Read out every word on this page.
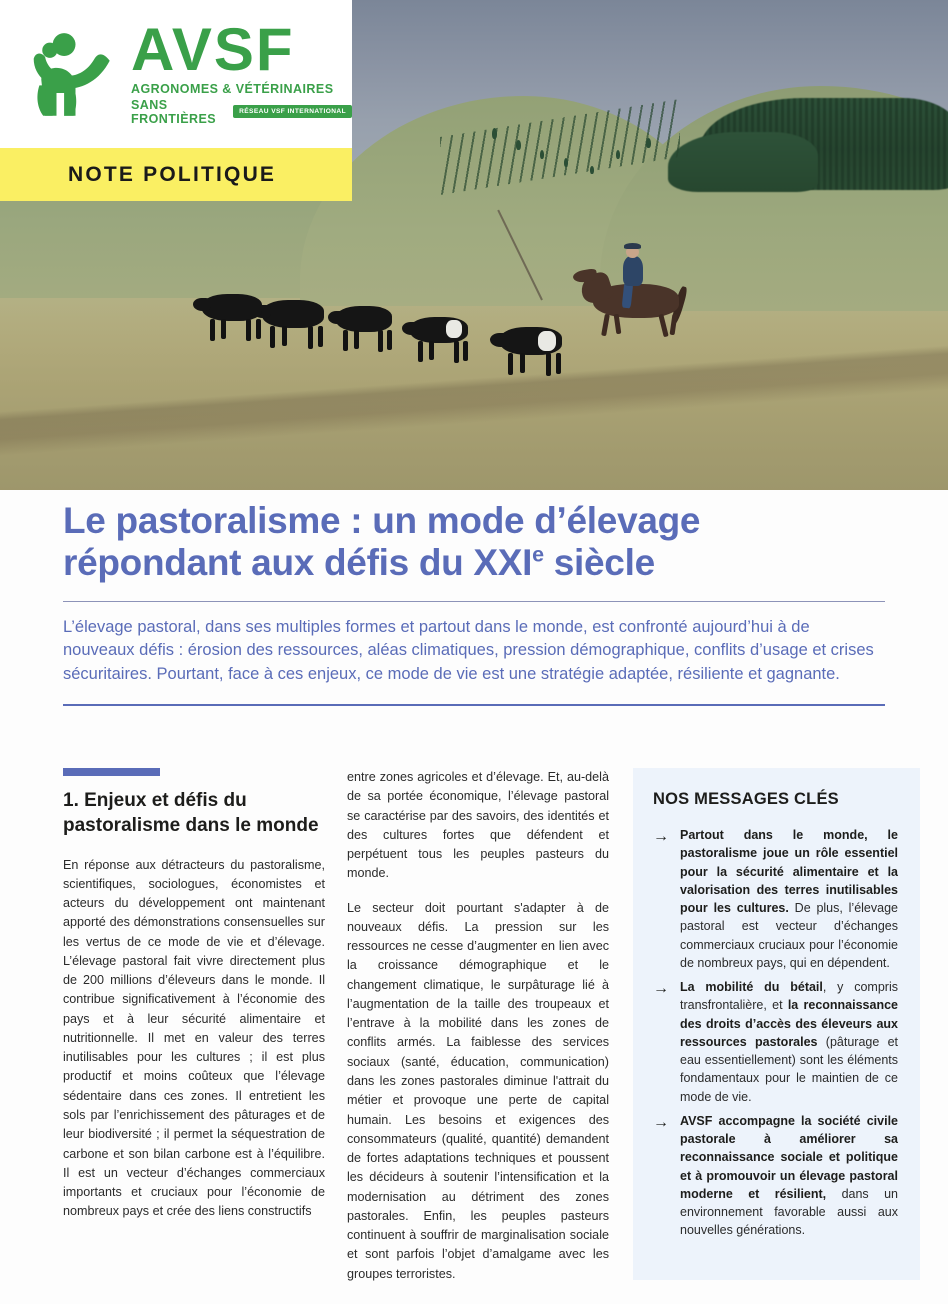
AVSF
AGRONOMES & VÉTÉRINAIRES
SANS FRONTIÈRES	RÉSEAU VSF INTERNATIONAL
NOTE POLITIQUE
Le pastoralisme : un mode d’élevage
répondant aux défis du XXIe siècle

L’élevage pastoral, dans ses multiples formes et partout dans le monde, est confronté aujourd’hui à de nouveaux défis : érosion des ressources, aléas climatiques, pression démographique, conflits d’usage et crises sécuritaires. Pourtant, face à ces enjeux, ce mode de vie est une stratégie adaptée, résiliente et gagnante.

1. Enjeux et défis du pastoralisme dans le monde

En réponse aux détracteurs du pastoralisme, scientifiques, sociologues, économistes et acteurs du développement ont maintenant apporté des démonstrations consensuelles sur les vertus de ce mode de vie et d’élevage. L’élevage pastoral fait vivre directement plus de 200 millions d’éleveurs dans le monde. Il contribue significativement à l’économie des pays et à leur sécurité alimentaire et nutritionnelle. Il met en valeur des terres inutilisables pour les cultures ; il est plus productif et moins coûteux que l’élevage sédentaire dans ces zones. Il entretient les sols par l’enrichissement des pâturages et de leur biodiversité ; il permet la séquestration de carbone et son bilan carbone est à l’équilibre. Il est un vecteur d’échanges commerciaux importants et cruciaux pour l’économie de nombreux pays et crée des liens constructifs

entre zones agricoles et d’élevage. Et, au-delà de sa portée économique, l’élevage pastoral se caractérise par des savoirs, des identités et des cultures fortes que défendent et perpétuent tous les peuples pasteurs du monde.

Le secteur doit pourtant s'adapter à de nouveaux défis. La pression sur les ressources ne cesse d’augmenter en lien avec la croissance démographique et le changement climatique, le surpâturage lié à l’augmentation de la taille des troupeaux et l’entrave à la mobilité dans les zones de conflits armés. La faiblesse des services sociaux (santé, éducation, communication) dans les zones pastorales diminue l'attrait du métier et provoque une perte de capital humain. Les besoins et exigences des consommateurs (qualité, quantité) demandent de fortes adaptations techniques et poussent les décideurs à soutenir l’intensification et la modernisation au détriment des zones pastorales. Enfin, les peuples pasteurs continuent à souffrir de marginalisation sociale et sont parfois l’objet d’amalgame avec les groupes terroristes.

NOS MESSAGES CLÉS
→ Partout dans le monde, le pastoralisme joue un rôle essentiel pour la sécurité alimentaire et la valorisation des terres inutilisables pour les cultures. De plus, l’élevage pastoral est vecteur d’échanges commerciaux cruciaux pour l’économie de nombreux pays, qui en dépendent.
→ La mobilité du bétail, y compris transfrontalière, et la reconnaissance des droits d’accès des éleveurs aux ressources pastorales (pâturage et eau essentiellement) sont les éléments fondamentaux pour le maintien de ce mode de vie.
→ AVSF accompagne la société civile pastorale à améliorer sa reconnaissance sociale et politique et à promouvoir un élevage pastoral moderne et résilient, dans un environnement favorable aussi aux nouvelles générations.
